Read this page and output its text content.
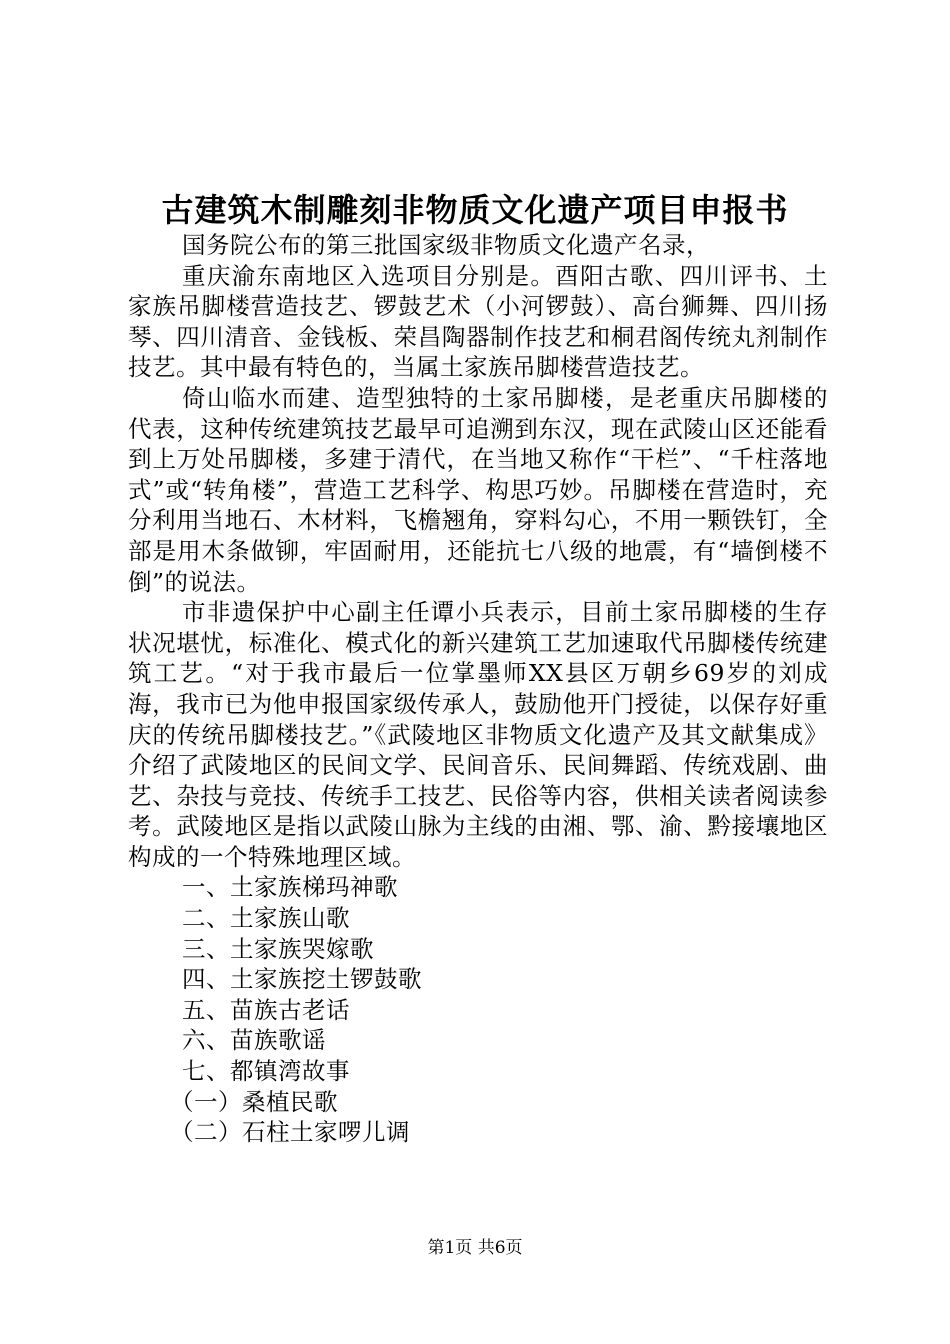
古建筑木制雕刻非物质文化遗产项目申报书

国务院公布的第三批国家级非物质文化遗产名录，

重庆渝东南地区入选项目分别是。酉阳古歌、四川评书、土家族吊脚楼营造技艺、锣鼓艺术（小河锣鼓）、高台狮舞、四川扬琴、四川清音、金钱板、荣昌陶器制作技艺和桐君阁传统丸剂制作技艺。其中最有特色的，当属土家族吊脚楼营造技艺。

倚山临水而建、造型独特的土家吊脚楼，是老重庆吊脚楼的代表，这种传统建筑技艺最早可追溯到东汉，现在武陵山区还能看到上万处吊脚楼，多建于清代，在当地又称作“干栏”、“千柱落地式”或“转角楼”，营造工艺科学、构思巧妙。吊脚楼在营造时，充分利用当地石、木材料，飞檐翘角，穿料勾心，不用一颗铁钉，全部是用木条做铆，牢固耐用，还能抗七八级的地震，有“墙倒楼不倒”的说法。

市非遗保护中心副主任谭小兵表示，目前土家吊脚楼的生存状况堪忧，标准化、模式化的新兴建筑工艺加速取代吊脚楼传统建筑工艺。“对于我市最后一位掌墨师XX县区万朝乡69岁的刘成海，我市已为他申报国家级传承人，鼓励他开门授徒，以保存好重庆的传统吊脚楼技艺。”《武陵地区非物质文化遗产及其文献集成》介绍了武陵地区的民间文学、民间音乐、民间舞蹈、传统戏剧、曲艺、杂技与竞技、传统手工技艺、民俗等内容，供相关读者阅读参考。武陵地区是指以武陵山脉为主线的由湘、鄂、渝、黔接壤地区构成的一个特殊地理区域。

一、土家族梯玛神歌

二、土家族山歌

三、土家族哭嫁歌

四、土家族挖土锣鼓歌

五、苗族古老话

六、苗族歌谣

七、都镇湾故事

（一）桑植民歌

（二）石柱土家啰儿调

第1页 共6页
